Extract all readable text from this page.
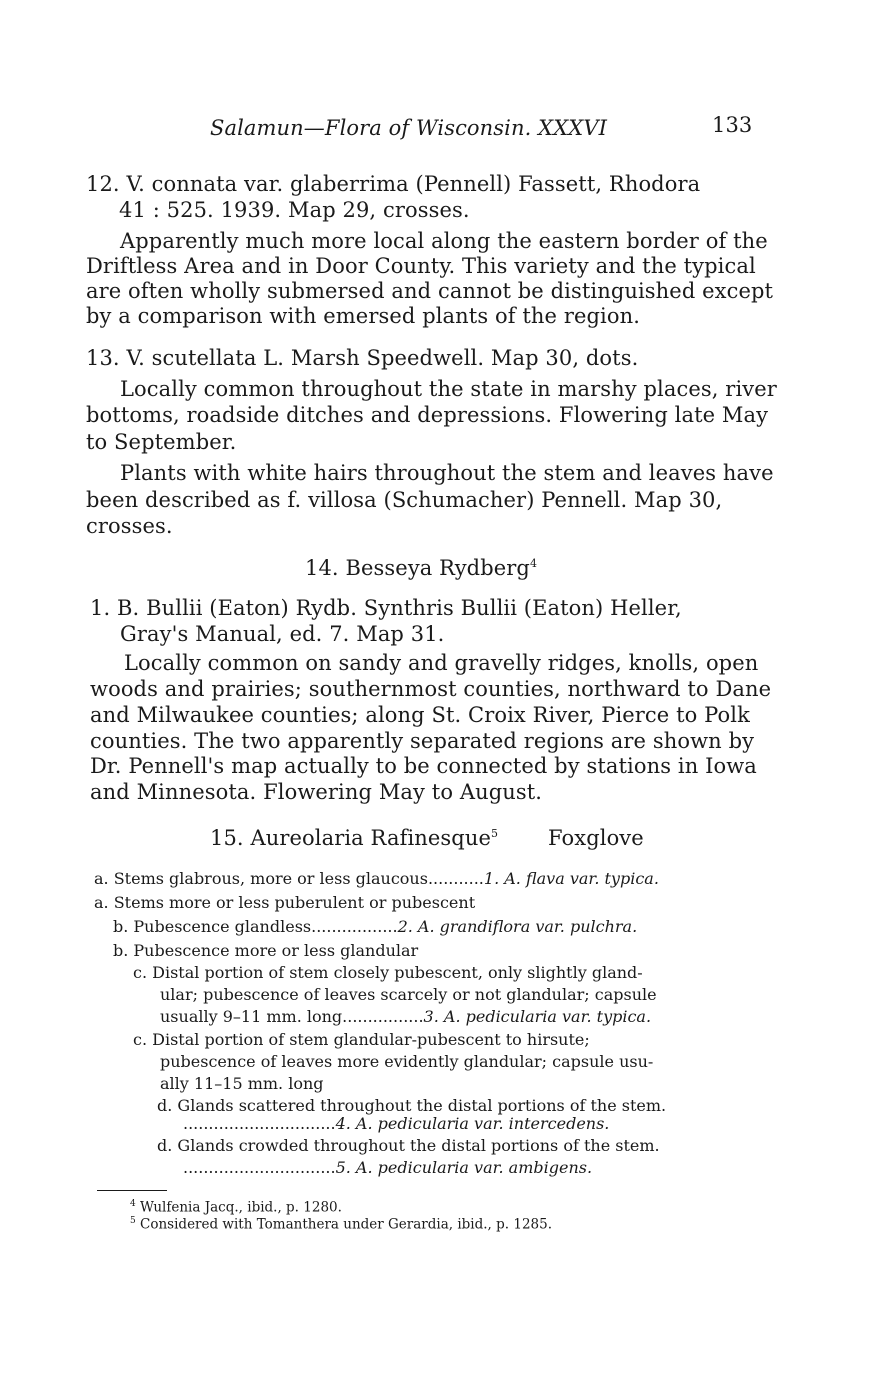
Salamun—Flora of Wisconsin. XXXVI	133
12. V. connata var. glaberrima (Pennell) Fassett, Rhodora
41 : 525. 1939. Map 29, crosses.
Apparently much more local along the eastern border of the
Driftless Area and in Door County. This variety and the typical
are often wholly submersed and cannot be distinguished except
by a comparison with emersed plants of the region.
13. V. scutellata L. Marsh Speedwell. Map 30, dots.
Locally common throughout the state in marshy places, river
bottoms, roadside ditches and depressions. Flowering late May
to September.
Plants with white hairs throughout the stem and leaves have
been described as f. villosa (Schumacher) Pennell. Map 30,
crosses.
14. Besseya Rydberg$^4$
1. B. Bullii (Eaton) Rydb. Synthris Bullii (Eaton) Heller,
Gray's Manual, ed. 7. Map 31.
Locally common on sandy and gravelly ridges, knolls, open
woods and prairies; southernmost counties, northward to Dane
and Milwaukee counties; along St. Croix River, Pierce to Polk
counties. The two apparently separated regions are shown by
Dr. Pennell's map actually to be connected by stations in Iowa
and Minnesota. Flowering May to August.
15. Aureolaria Rafinesque$^5$ Foxglove
a. Stems glabrous, more or less glaucous...........1. A. flava var. typica.
a. Stems more or less puberulent or pubescent
b. Pubescence glandless.................2. A. grandiflora var. pulchra.
b. Pubescence more or less glandular
c. Distal portion of stem closely pubescent, only slightly gland-
ular; pubescence of leaves scarcely or not glandular; capsule
usually 9–11 mm. long................3. A. pedicularia var. typica.
c. Distal portion of stem glandular-pubescent to hirsute;
pubescence of leaves more evidently glandular; capsule usu-
ally 11–15 mm. long
d. Glands scattered throughout the distal portions of the stem.
..............................4. A. pedicularia var. intercedens.
d. Glands crowded throughout the distal portions of the stem.
..............................5. A. pedicularia var. ambigens.
$^4$ Wulfenia Jacq., ibid., p. 1280.
$^5$ Considered with Tomanthera under Gerardia, ibid., p. 1285.
